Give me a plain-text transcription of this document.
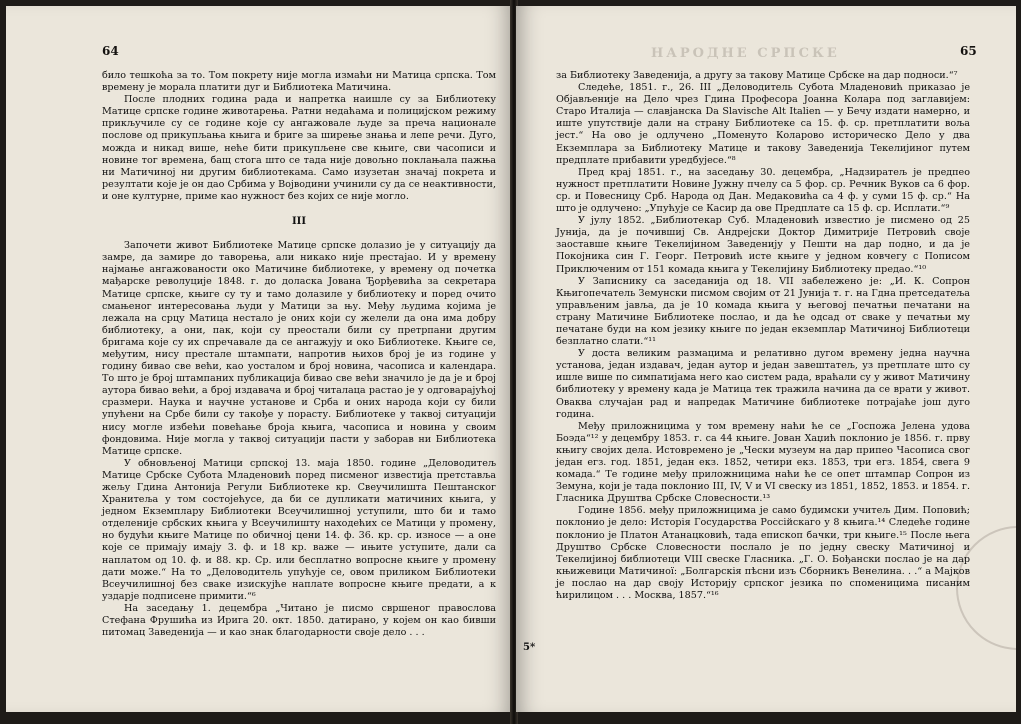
64

било тешкоћа за то. Том покрету није могла измаћи ни Матица српска. Том времену је морала платити дуг и Библиотека Матичина.

После плодних година рада и напретка наишле су за Библиотеку Матице српске године животарења. Ратни недаћама и полицијском режиму прикључиле су се године које су ангажовале људе за преча национале послове од прикупљања књига и бриге за ширење знања и лепе речи. Дуго, можда и никад више, неће бити прикупљене све књиге, сви часописи и новине тог времена, бащ стога што се тада није довољно поклањала пажња ни Матичиној ни другим библиотекама. Само изузетан значај покрета и резултати које је он дао Србима у Војводини учинили су да се неактивности, и оне културне, приме као нужност без којих се није могло.

III

Започети живот Библиотеке Матице српске долазио је у ситуацију да замре, да замире до таворења, али никако није престајао. И у времену најмање ангажованости око Матичине библиотеке, у времену од почетка мађарске револуције 1848. г. до доласка Јована Ђорђевића за секретара Матице српске, књиге су ту и тамо долазиле у библиотеку и поред очито смањеног интересовања људи у Матици за њу. Међу људима којима је лежала на срцу Матица нестало је оних који су желели да она има добру библиотеку, а они, пак, који су преостали били су претрпани другим бригама које су их спречавале да се ангажују и око Библиотеке. Књиге се, међутим, нису престале штампати, напротив њихов број је из године у годину бивао све већи, као уосталом и број новина, часописа и календара. То што је број штампаних публикација бивао све већи значило је да је и број аутора бивао већи, а број издавача и број читалаца растао је у одговарајућој сразмери. Наука и научне установе и Срба и оних народа који су били упућени на Србе били су такође у порасту. Библиотеке у таквој ситуацији нису могле избећи повећање броја књига, часописа и новина у своим фондовима. Није могла у таквој ситуацији пасти у заборав ни Библиотека Матице српске.

У обновљеној Матици српској 13. маја 1850. године „Деловодитељ Матице Србске Субота Младеновић поред писменог известија претставља жељу Гдина Антонија Регули Библиотеке кр. Свеучилишта Пештанског Хранитеља у том состојећусе, да би се дупликати матичиних књига, у једном Екземплару Библиотеки Всеучилишној уступили, што би и тамо отделеније србских књига у Всеучилишту находећих се Матици у промену, но будући књиге Матице по обичној цени 14. ф. 36. кр. ср. износе — а оне које се примају имају 3. ф. и 18 кр. важе — ињите уступите, дали са наплатом од 10. ф. и 88. кр. Ср. или бесплатно вопросне књиге у промену дати може.“ На то „Деловодитель упућује се, овом приликом Библиотеки Всеучилишној без свакe изискујће наплате вопросне књиге предати, а к уздарје подписeне примити.“⁶

На заседању 1. децембра „Читано је писмо свршеног правослова Стефана Фрушића из Ирига 20. окт. 1850. датирано, у којем он као бивши питомац Заведенија — и као знак благодарности своје дело . . .

НАРОДНЕ СРПСКЕ	65

за Библиотеку Заведенија, а другу за такову Матице Србске на дар подноси.“⁷

Следеће, 1851. г., 26. III „Деловодитель Субота Младеновић приказао је Објављеније на Дело чрез Гдина Професора Јоанна Колара под заглавијем: Старо Италија — славјанска Da Slavische Alt Italien — у Бечу издати намерно, и иште упутствије дали на страну Библиотеке са 15. ф. ср. претплатити воља јест.“ На ово је одлучено „Поменуто Коларово историческо Дело у два Екземплара за Библиотеку Матице и такову Заведенија Текелијиног путем предплате прибавити уредбујесе.“⁸

Пред крај 1851. г., на заседању 30. децембра, „Надзиратељ је предпео нужност претплатити Новине Јужну пчелу са 5 фор. ср. Речник Вуков са 6 фор. ср. и Повесницу Срб. Народа од Дан. Медаковића са 4 ф. у суми 15 ф. ср.“ На што је одлучено: „Упућује се Касир да ове Предплате са 15 ф. ср. Исплати.“⁹

У јулу 1852. „Библиотекар Суб. Младеновић известио је писмено од 25 Јунија, да је почившиј Св. Андрејски Доктор Димитрије Петровић своје заоставше књиге Текелијином Заведенију у Пешти на дар подно, и да је Покојника син Г. Георг. Петровић исте књиге у једном ковчегу с Пописом Приключеним от 151 комада књига у Текелијину Библиотеку предао.“¹⁰

У Записнику са заседанија од 18. VII забележено је: „И. К. Сопрон Књигопечатель Земунски писмом својим от 21 Јунија т. г. на Гдна претседатеља управљеним јавља, да је 10 комада књига у његовој печатњи печатани на страну Матичине Библиотеке послао, и да ће одсад от сваке у печатњи му печатане буди на ком језику књиге по један екземплар Матичиној Библиотеци безплатно слати.“¹¹

У доста великим размацима и релативно дугом времену једна научна установа, један издавач, један аутор и један завештатељ, уз претплате што су ишле више по симпатијама него као систем рада, враћали су у живот Матичину библиотеку у времену када је Матица тек тражила начина да се врати у живот. Оваква случајан рад и напредак Матичине библиотеке потрајаће још дуго година.

Међу приложницима у том времену наћи ће се „Госпожа Јелена удова Боэда“¹² у децембру 1853. г. са 44 књиге. Јован Хаџић поклонио је 1856. г. прву књигу својих дела. Истовремено је „Чески музеум на дар припео Часописа свог један егз. год. 1851, један екз. 1852, четири екз. 1853, три егз. 1854, свега 9 комада.“ Те године међу приложницима наћи ће се опет штампар Сопрон из Земуна, који је тада поклонио III, IV, V и VI свеску из 1851, 1852, 1853. и 1854. г. Гласника Друштва Србске Словесности.¹³

Године 1856. међу приложницима је само будимски учитељ Дим. Поповић; поклонио је дело: Исторія Государства Россійскаго у 8 књига.¹⁴ Следеће године поклонио је Платон Атанацковић, тада епископ бачки, три књиге.¹⁵ После њега Друштво Србске Словесности послало је по једну свеску Матичиној и Текелијиној библиотеци VIII свеске Гласника. „Г. О. Бођански послао је на дар књижевици Матичиної: „Болгарскія пѣсни изъ Сборникъ Венелина. . .“ а Мајков је послао на дар своју Историју српског језика по споменицима писаним ћирилицом . . . Москва, 1857.“¹⁶

5*
